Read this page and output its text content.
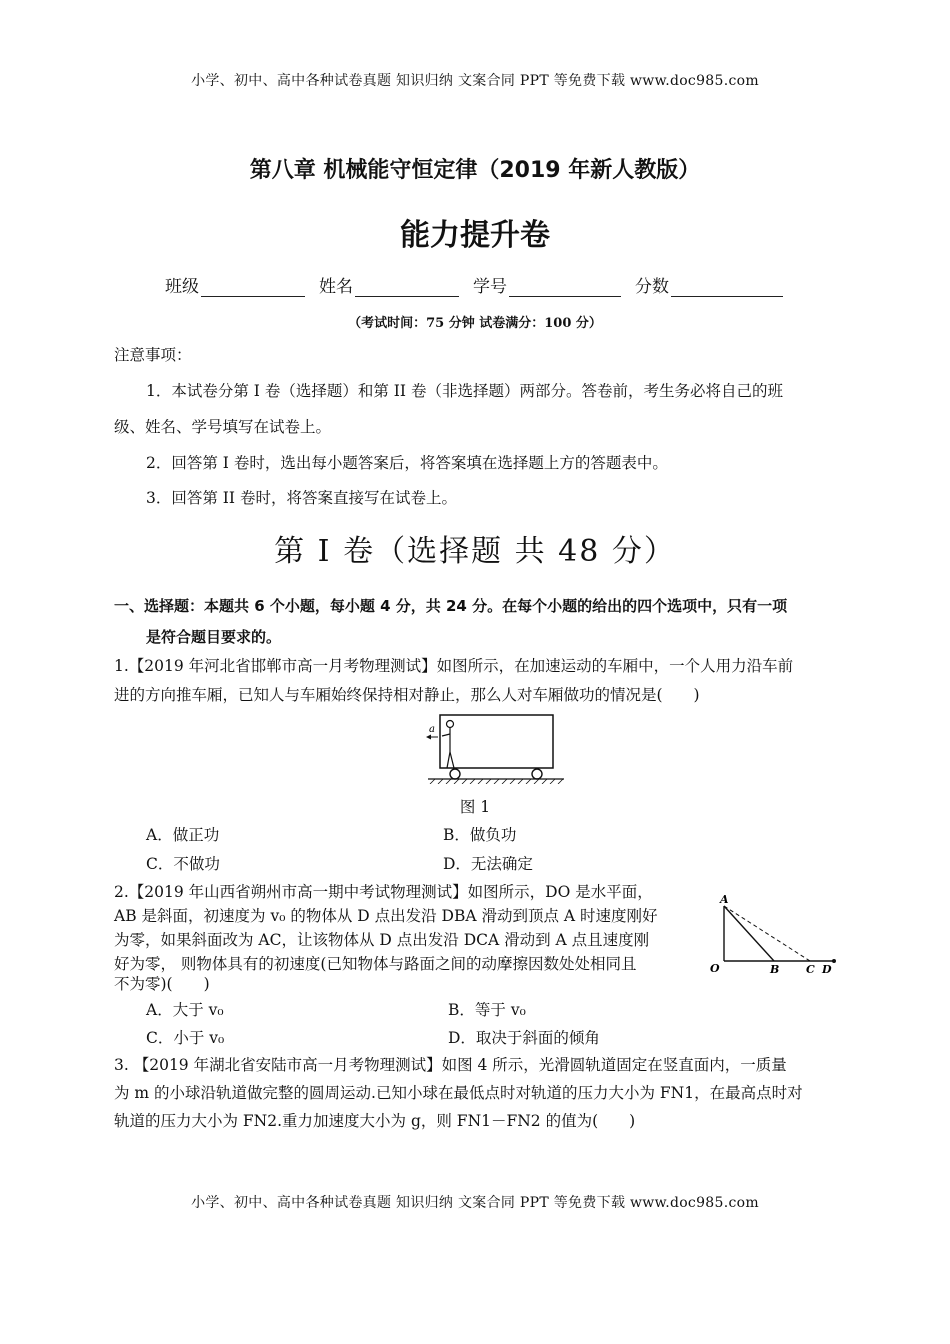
小学、初中、高中各种试卷真题 知识归纳 文案合同 PPT 等免费下载 www.doc985.com
第八章 机械能守恒定律（2019 年新人教版）
能力提升卷
班级	姓名	学号	分数
（考试时间：75 分钟 试卷满分：100 分）
注意事项：
1．本试卷分第 I 卷（选择题）和第 II 卷（非选择题）两部分。答卷前，考生务必将自己的班
级、姓名、学号填写在试卷上。
2．回答第 I 卷时，选出每小题答案后，将答案填在选择题上方的答题表中。
3．回答第 II 卷时，将答案直接写在试卷上。
第 I 卷（选择题 共 48 分）
一、选择题：本题共 6 个小题，每小题 4 分，共 24 分。在每个小题的给出的四个选项中，只有一项
是符合题目要求的。
1.【2019 年河北省邯郸市高一月考物理测试】如图所示，在加速运动的车厢中，一个人用力沿车前
进的方向推车厢，已知人与车厢始终保持相对静止，那么人对车厢做功的情况是(　　)
a
图 1
A．做正功	B．做负功
C．不做功	D．无法确定
2.【2019 年山西省朔州市高一期中考试物理测试】如图所示，DO 是水平面，
AB 是斜面，初速度为 v₀ 的物体从 D 点出发沿 DBA 滑动到顶点 A 时速度刚好
为零，如果斜面改为 AC，让该物体从 D 点出发沿 DCA 滑动到 A 点且速度刚
好为零， 则物体具有的初速度(已知物体与路面之间的动摩擦因数处处相同且
不为零)(　　)
A
O	B C D
A．大于 v₀	B．等于 v₀
C．小于 v₀	D．取决于斜面的倾角
3. 【2019 年湖北省安陆市高一月考物理测试】如图 4 所示，光滑圆轨道固定在竖直面内，一质量
为 m 的小球沿轨道做完整的圆周运动.已知小球在最低点时对轨道的压力大小为 FN1，在最高点时对
轨道的压力大小为 FN2.重力加速度大小为 g，则 FN1－FN2 的值为(　　)
小学、初中、高中各种试卷真题 知识归纳 文案合同 PPT 等免费下载 www.doc985.com
